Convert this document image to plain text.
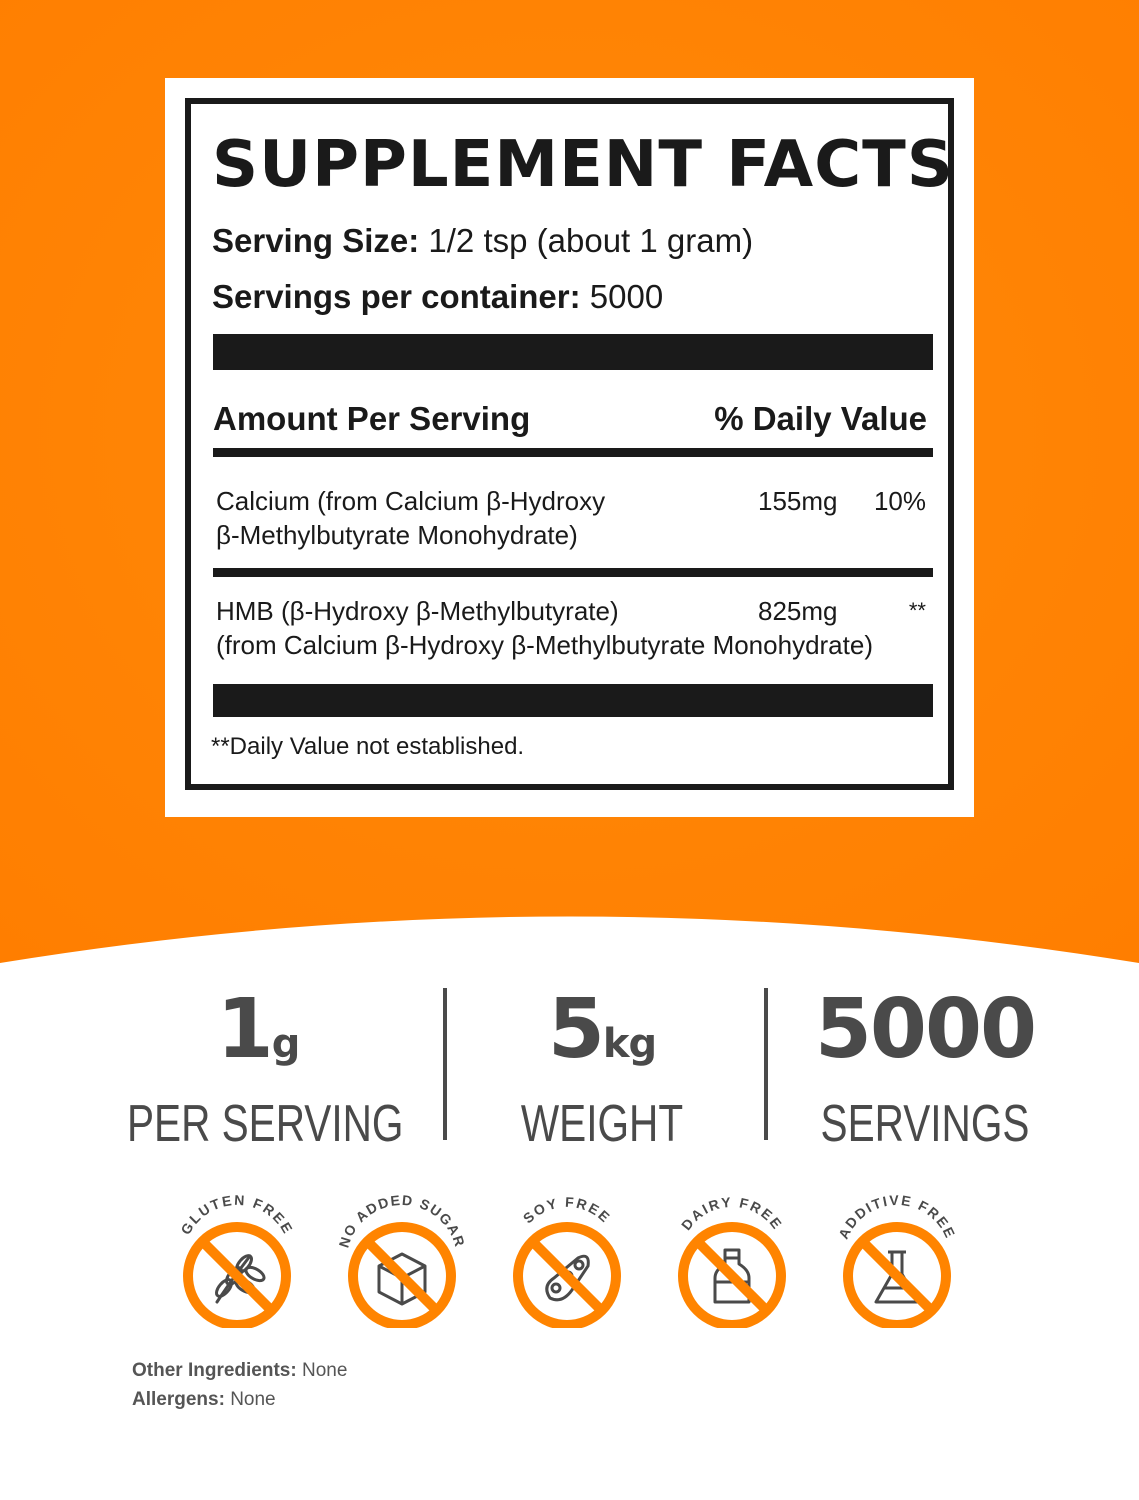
SUPPLEMENT FACTS
Serving Size: 1/2 tsp (about 1 gram)
Servings per container: 5000
Amount Per Serving	% Daily Value
Calcium (from Calcium β-Hydroxy
β-Methylbutyrate Monohydrate)
155mg 10%
HMB (β-Hydroxy β-Methylbutyrate)
(from Calcium β-Hydroxy β-Methylbutyrate Monohydrate)
825mg	**
**Daily Value not established.
1g
PER SERVING
5kg
WEIGHT
5000
SERVINGS
GLUTEN FREE
NO ADDED SUGAR
SOY FREE	DAIRY FREE	ADDITIVE FREE
Other Ingredients: None
Allergens: None
